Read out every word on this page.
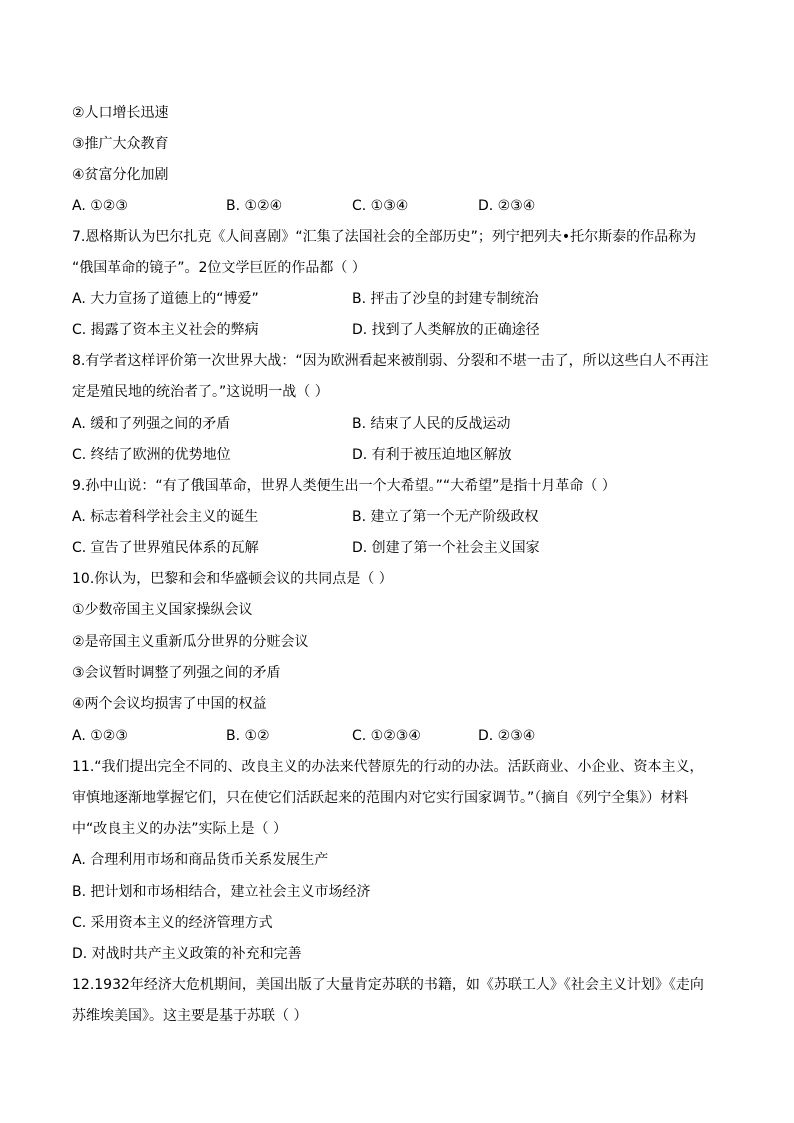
②人口增长迅速
③推广大众教育
④贫富分化加剧
A. ①②③	B. ①②④	C. ①③④	D. ②③④
7.恩格斯认为巴尔扎克《人间喜剧》“汇集了法国社会的全部历史”；列宁把列夫•托尔斯泰的作品称为
“俄国革命的镜子”。2位文学巨匠的作品都（ ）
A. 大力宣扬了道德上的“博爱”	B. 抨击了沙皇的封建专制统治
C. 揭露了资本主义社会的弊病	D. 找到了人类解放的正确途径
8.有学者这样评价第一次世界大战：“因为欧洲看起来被削弱、分裂和不堪一击了，所以这些白人不再注
定是殖民地的统治者了。”这说明一战（ ）
A. 缓和了列强之间的矛盾	B. 结束了人民的反战运动
C. 终结了欧洲的优势地位	D. 有利于被压迫地区解放
9.孙中山说：“有了俄国革命，世界人类便生出一个大希望。”“大希望”是指十月革命（ ）
A. 标志着科学社会主义的诞生	B. 建立了第一个无产阶级政权
C. 宣告了世界殖民体系的瓦解	D. 创建了第一个社会主义国家
10.你认为，巴黎和会和华盛顿会议的共同点是（ ）
①少数帝国主义国家操纵会议
②是帝国主义重新瓜分世界的分赃会议
③会议暂时调整了列强之间的矛盾
④两个会议均损害了中国的权益
A. ①②③	B. ①②	C. ①②③④	D. ②③④
11.“我们提出完全不同的、改良主义的办法来代替原先的行动的办法。活跃商业、小企业、资本主义，
审慎地逐渐地掌握它们，只在使它们活跃起来的范围内对它实行国家调节。”（摘自《列宁全集》）材料
中“改良主义的办法”实际上是（ ）
A. 合理利用市场和商品货币关系发展生产
B. 把计划和市场相结合，建立社会主义市场经济
C. 采用资本主义的经济管理方式
D. 对战时共产主义政策的补充和完善
12.1932年经济大危机期间，美国出版了大量肯定苏联的书籍，如《苏联工人》《社会主义计划》《走向
苏维埃美国》。这主要是基于苏联（ ）
